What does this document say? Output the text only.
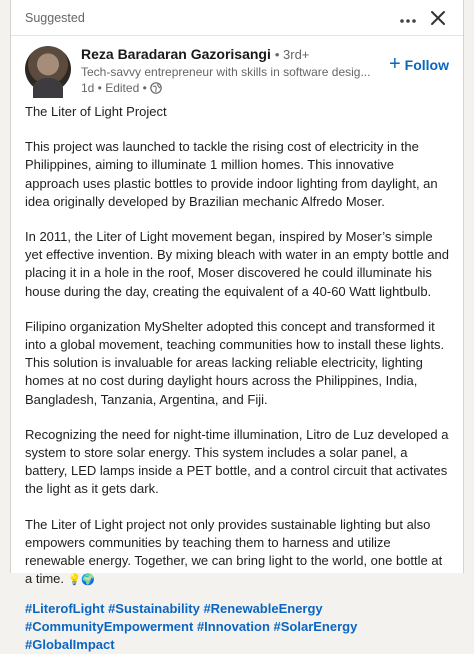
Suggested
Reza Baradaran Gazorisangi • 3rd+
Tech-savvy entrepreneur with skills in software desig...
1d • Edited •
+ Follow

The Liter of Light Project

This project was launched to tackle the rising cost of electricity in the Philippines, aiming to illuminate 1 million homes. This innovative approach uses plastic bottles to provide indoor lighting from daylight, an idea originally developed by Brazilian mechanic Alfredo Moser.

In 2011, the Liter of Light movement began, inspired by Moser’s simple yet effective invention. By mixing bleach with water in an empty bottle and placing it in a hole in the roof, Moser discovered he could illuminate his house during the day, creating the equivalent of a 40-60 Watt lightbulb.

Filipino organization MyShelter adopted this concept and transformed it into a global movement, teaching communities how to install these lights. This solution is invaluable for areas lacking reliable electricity, lighting homes at no cost during daylight hours across the Philippines, India, Bangladesh, Tanzania, Argentina, and Fiji.

Recognizing the need for night-time illumination, Litro de Luz developed a system to store solar energy. This system includes a solar panel, a battery, LED lamps inside a PET bottle, and a control circuit that activates the light as it gets dark.

The Liter of Light project not only provides sustainable lighting but also empowers communities by teaching them to harness and utilize renewable energy. Together, we can bring light to the world, one bottle at a time. 💡🌍

#LiterofLight #Sustainability #RenewableEnergy #CommunityEmpowerment #Innovation #SolarEnergy #GlobalImpact
